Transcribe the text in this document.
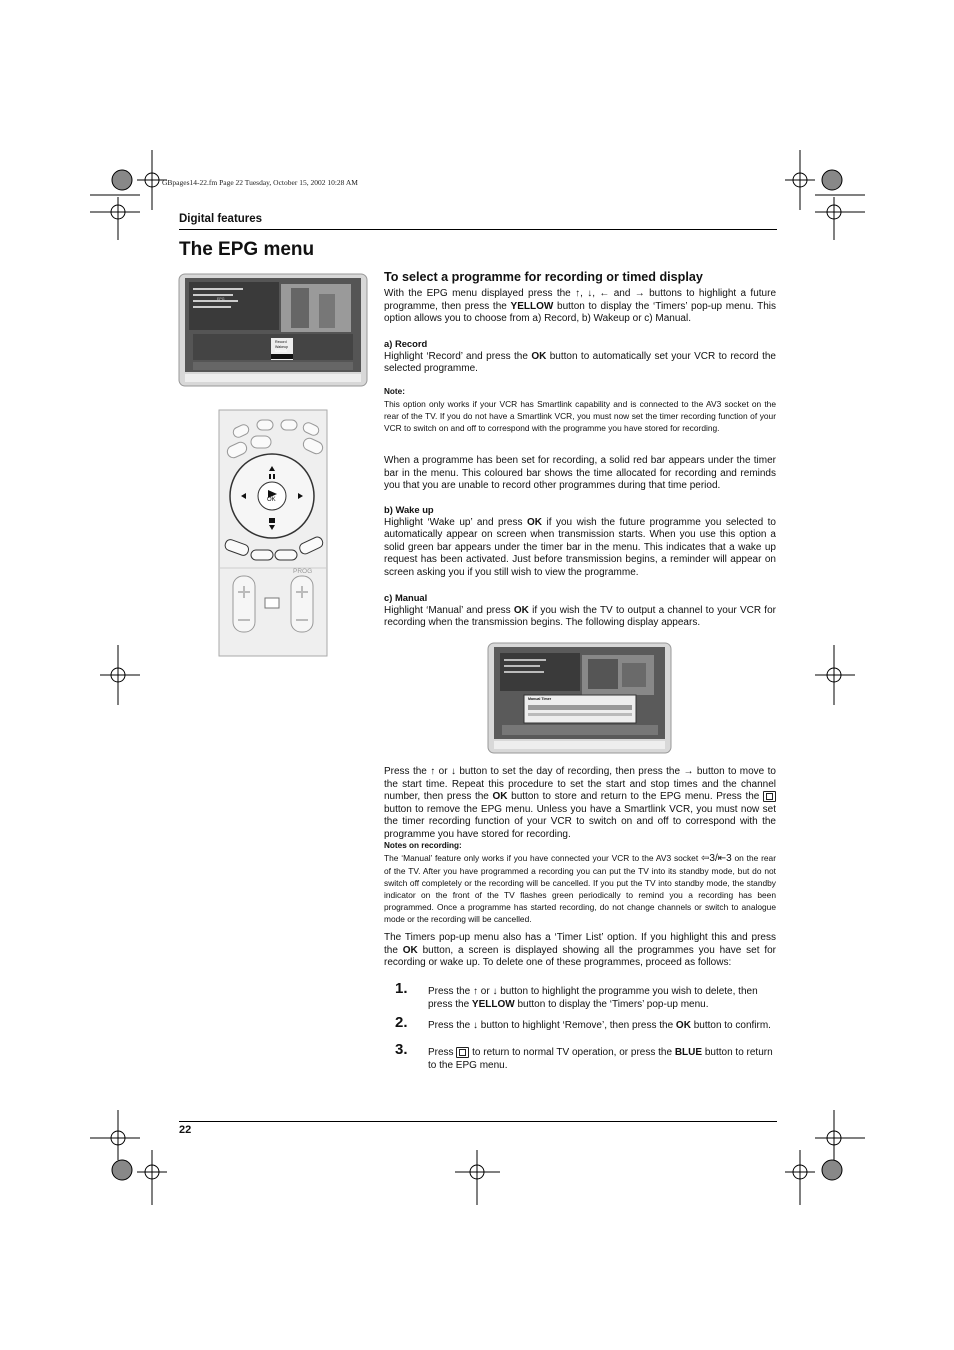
GBpages14-22.fm Page 22 Tuesday, October 15, 2002 10:28 AM
Digital features
The EPG menu
EPG
Record
Wakeup
Manual
OK
PROG
To select a programme for recording or timed display

With the EPG menu displayed press the ↑, ↓, ← and → buttons to highlight a future programme, then press the YELLOW button to display the ‘Timers’ pop-up menu. This option allows you to choose from a) Record, b) Wakeup or c) Manual.

a) Record

Highlight ‘Record’ and press the OK button to automatically set your VCR to record the selected programme.

Note:

This option only works if your VCR has Smartlink capability and is connected to the AV3 socket on the rear of the TV. If you do not have a Smartlink VCR, you must now set the timer recording function of your VCR to switch on and off to correspond with the programme you have stored for recording.

When a programme has been set for recording, a solid red bar appears under the timer bar in the menu. This coloured bar shows the time allocated for recording and reminds you that you are unable to record other programmes during that time period.

b) Wake up

Highlight ‘Wake up’ and press OK if you wish the future programme you selected to automatically appear on screen when transmission starts. When you use this option a solid green bar appears under the timer bar in the menu. This indicates that a wake up request has been activated. Just before transmission begins, a reminder will appear on screen asking you if you still wish to view the programme.

c) Manual

Highlight ‘Manual’ and press OK if you wish the TV to output a channel to your VCR for recording when the transmission begins. The following display appears.

Manual Timer

Press the ↑ or ↓ button to set the day of recording, then press the → button to move to the start time. Repeat this procedure to set the start and stop times and the channel number, then press the OK button to store and return to the EPG menu. Press the  button to remove the EPG menu. Unless you have a Smartlink VCR, you must now set the timer recording function of your VCR to switch on and off to correspond with the programme you have stored for recording.

Notes on recording:

The ‘Manual’ feature only works if you have connected your VCR to the AV3 socket ⇦3/⇤3 on the rear of the TV. After you have programmed a recording you can put the TV into its standby mode, but do not switch off completely or the recording will be cancelled. If you put the TV into standby mode, the standby indicator on the front of the TV flashes green periodically to remind you a recording has been programmed. Once a programme has started recording, do not change channels or switch to analogue mode or the recording will be cancelled.

The Timers pop-up menu also has a ‘Timer List’ option. If you highlight this and press the OK button, a screen is displayed showing all the programmes you have set for recording or wake up. To delete one of these programmes, proceed as follows:

1. Press the ↑ or ↓ button to highlight the programme you wish to delete, then press the YELLOW button to display the ‘Timers’ pop-up menu.
2. Press the ↓ button to highlight ‘Remove’, then press the OK button to confirm.
3. Press  to return to normal TV operation, or press the BLUE button to return to the EPG menu.
22
